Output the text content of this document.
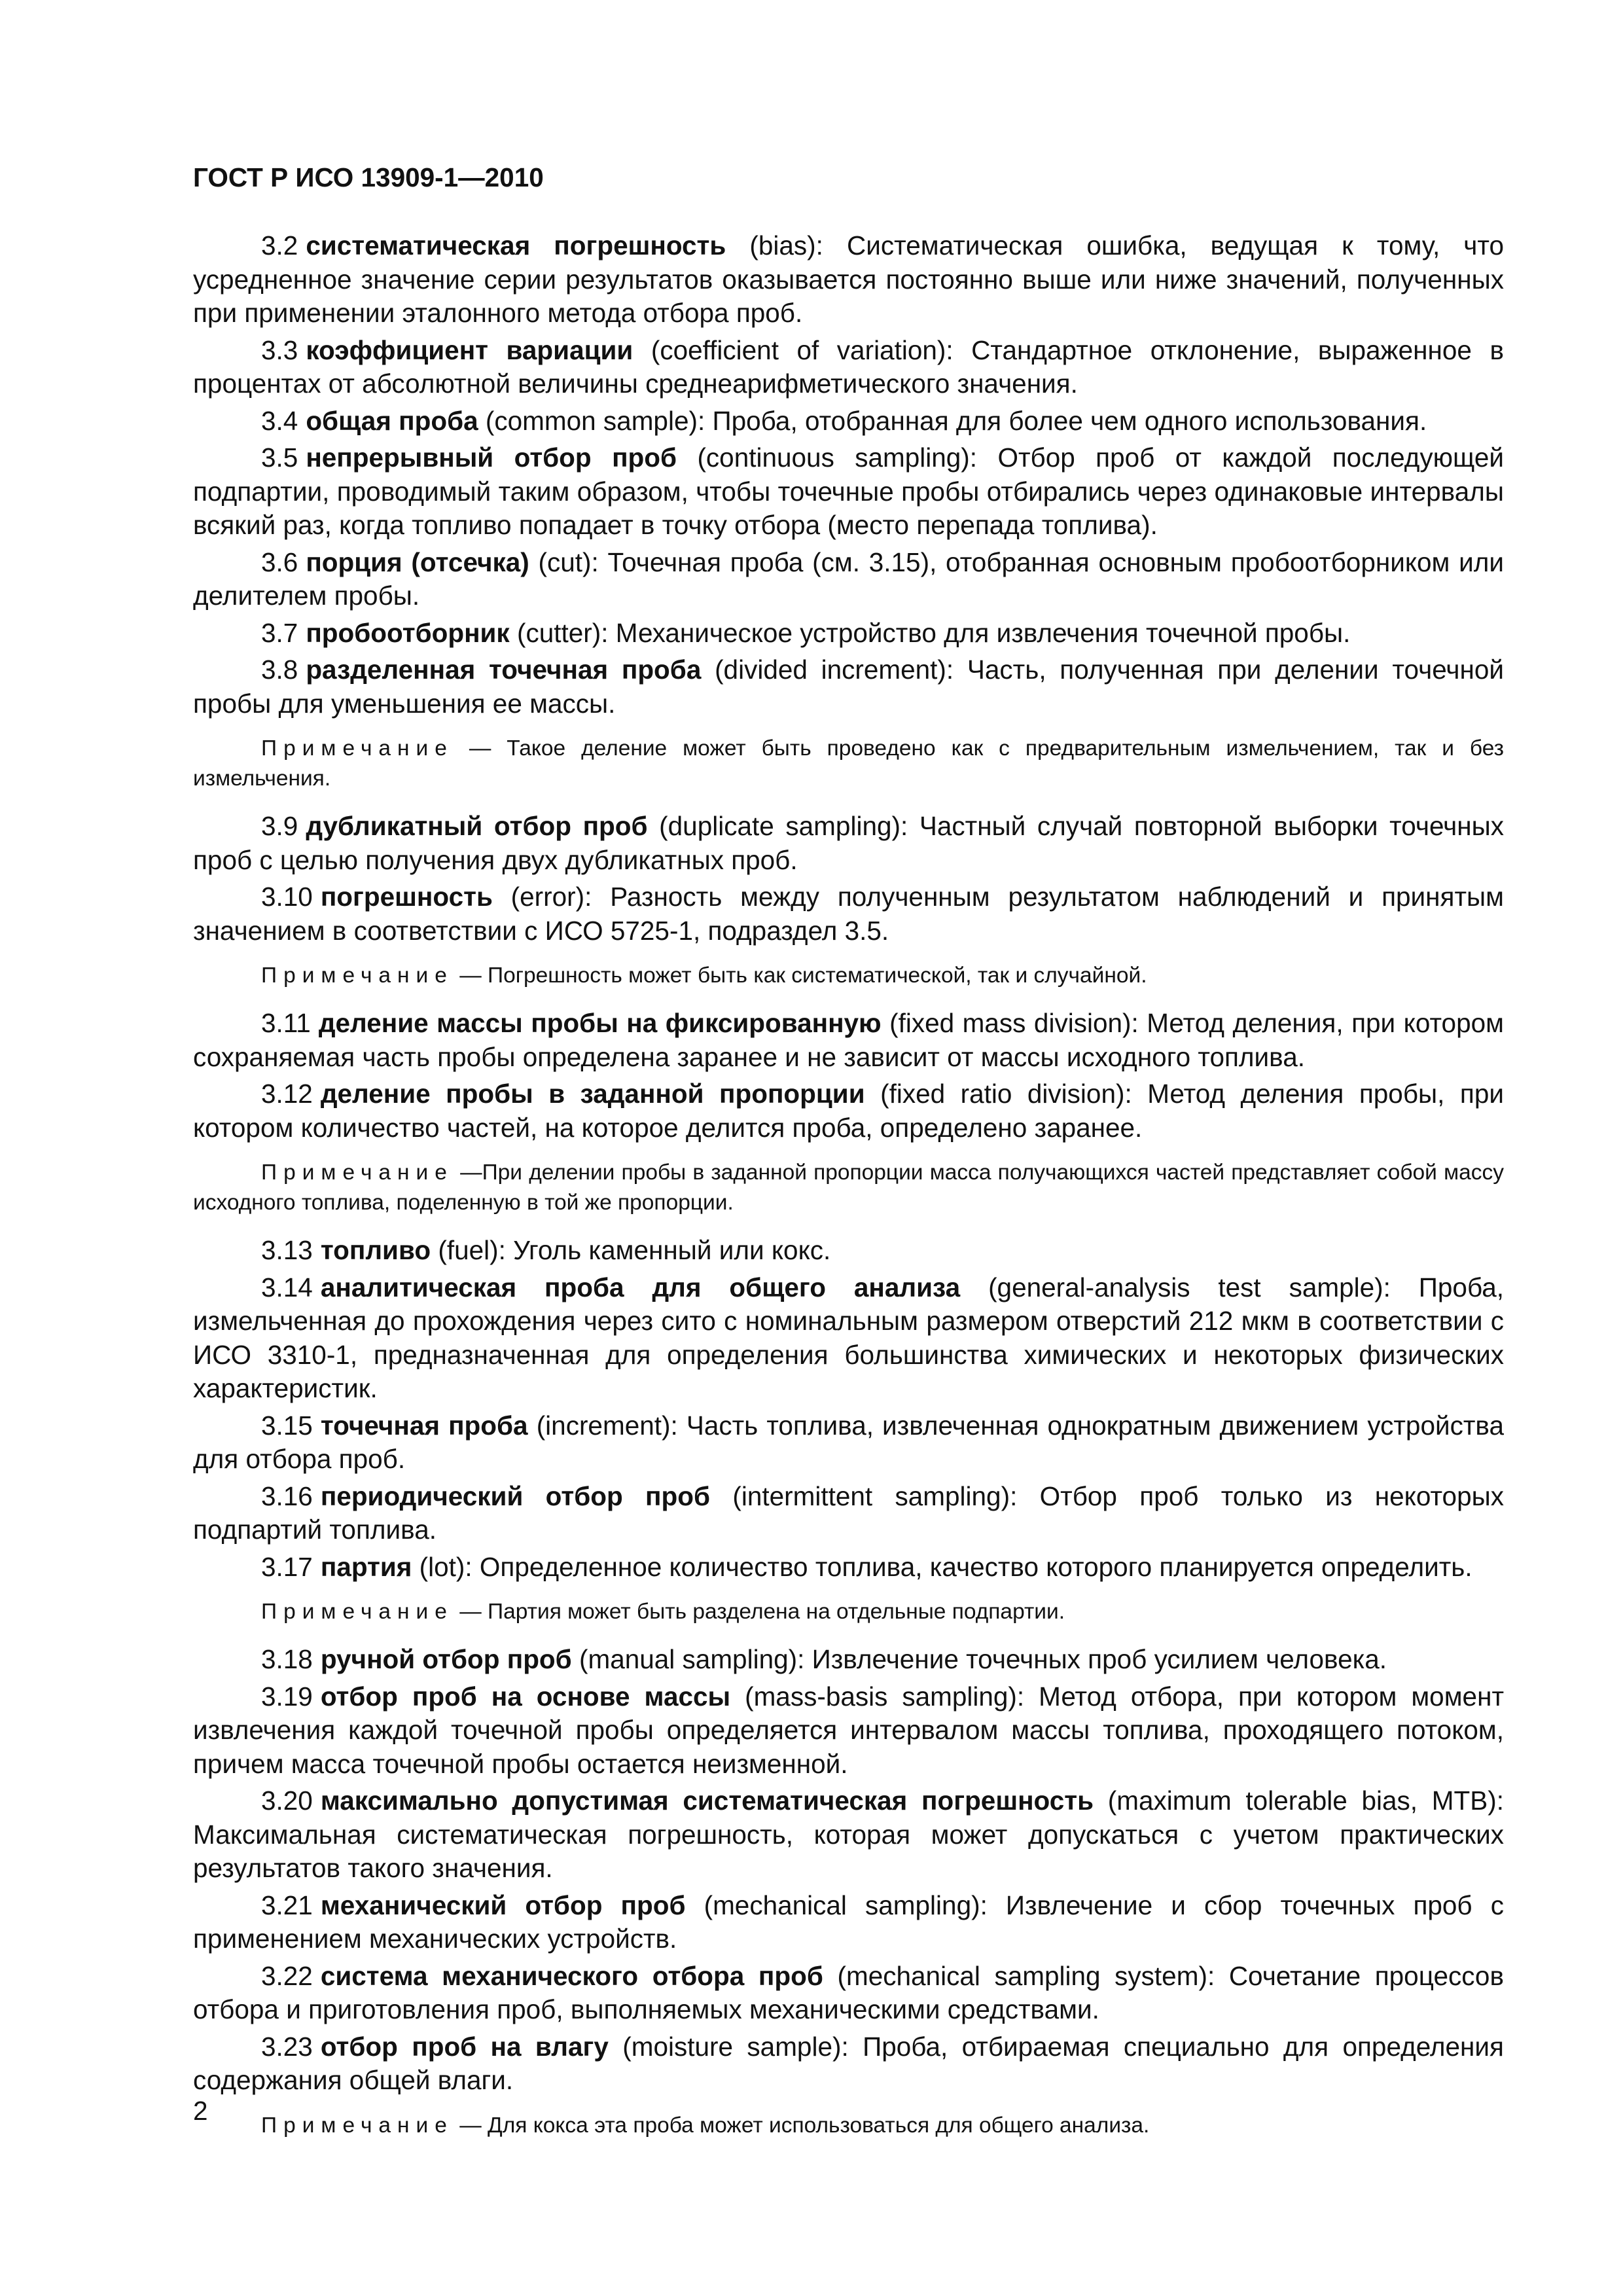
ГОСТ Р ИСО 13909-1—2010

3.2 систематическая погрешность (bias): Систематическая ошибка, ведущая к тому, что усредненное значение серии результатов оказывается постоянно выше или ниже значений, полученных при применении эталонного метода отбора проб.

3.3 коэффициент вариации (coefficient of variation): Стандартное отклонение, выраженное в процентах от абсолютной величины среднеарифметического значения.

3.4 общая проба (common sample): Проба, отобранная для более чем одного использования.

3.5 непрерывный отбор проб (continuous sampling): Отбор проб от каждой последующей подпартии, проводимый таким образом, чтобы точечные пробы отбирались через одинаковые интервалы всякий раз, когда топливо попадает в точку отбора (место перепада топлива).

3.6 порция (отсечка) (cut): Точечная проба (см. 3.15), отобранная основным пробоотборником или делителем пробы.

3.7 пробоотборник (cutter): Механическое устройство для извлечения точечной пробы.

3.8 разделенная точечная проба (divided increment): Часть, полученная при делении точечной пробы для уменьшения ее массы.

Примечание — Такое деление может быть проведено как с предварительным измельчением, так и без измельчения.

3.9 дубликатный отбор проб (duplicate sampling): Частный случай повторной выборки точечных проб с целью получения двух дубликатных проб.

3.10 погрешность (error): Разность между полученным результатом наблюдений и принятым значением в соответствии с ИСО 5725-1, подраздел 3.5.

Примечание — Погрешность может быть как систематической, так и случайной.

3.11 деление массы пробы на фиксированную (fixed mass division): Метод деления, при котором сохраняемая часть пробы определена заранее и не зависит от массы исходного топлива.

3.12 деление пробы в заданной пропорции (fixed ratio division): Метод деления пробы, при котором количество частей, на которое делится проба, определено заранее.

Примечание —При делении пробы в заданной пропорции масса получающихся частей представляет собой массу исходного топлива, поделенную в той же пропорции.

3.13 топливо (fuel): Уголь каменный или кокс.

3.14 аналитическая проба для общего анализа (general-analysis test sample): Проба, измельченная до прохождения через сито с номинальным размером отверстий 212 мкм в соответствии с ИСО 3310-1, предназначенная для определения большинства химических и некоторых физических характеристик.

3.15 точечная проба (increment): Часть топлива, извлеченная однократным движением устройства для отбора проб.

3.16 периодический отбор проб (intermittent sampling): Отбор проб только из некоторых подпартий топлива.

3.17 партия (lot): Определенное количество топлива, качество которого планируется определить.

Примечание — Партия может быть разделена на отдельные подпартии.

3.18 ручной отбор проб (manual sampling): Извлечение точечных проб усилием человека.

3.19 отбор проб на основе массы (mass-basis sampling): Метод отбора, при котором момент извлечения каждой точечной пробы определяется интервалом массы топлива, проходящего потоком, причем масса точечной пробы остается неизменной.

3.20 максимально допустимая систематическая погрешность (maximum tolerable bias, MTB): Максимальная систематическая погрешность, которая может допускаться с учетом практических результатов такого значения.

3.21 механический отбор проб (mechanical sampling): Извлечение и сбор точечных проб с применением механических устройств.

3.22 система механического отбора проб (mechanical sampling system): Сочетание процессов отбора и приготовления проб, выполняемых механическими средствами.

3.23 отбор проб на влагу (moisture sample): Проба, отбираемая специально для определения содержания общей влаги.

Примечание — Для кокса эта проба может использоваться для общего анализа.

2
